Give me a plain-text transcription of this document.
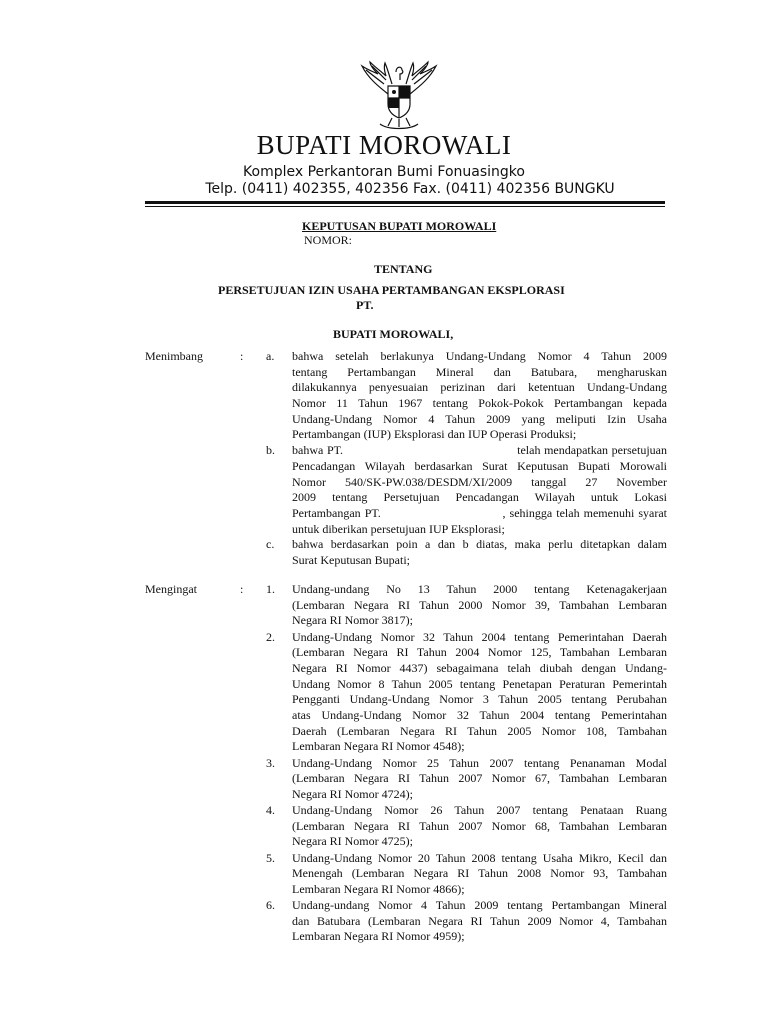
BUPATI MOROWALI
Komplex Perkantoran Bumi Fonuasingko
Telp. (0411) 402355, 402356 Fax. (0411) 402356 BUNGKU
KEPUTUSAN BUPATI MOROWALI
NOMOR:
TENTANG
PERSETUJUAN IZIN USAHA PERTAMBANGAN EKSPLORASI
PT.
BUPATI MOROWALI,
Menimbang	: a. bahwa setelah berlakunya Undang-Undang Nomor 4 Tahun 2009
tentang Pertambangan Mineral dan Batubara, mengharuskan
dilakukannya penyesuaian perizinan dari ketentuan Undang-Undang
Nomor 11 Tahun 1967 tentang Pokok-Pokok Pertambangan kepada
Undang-Undang Nomor 4 Tahun 2009 yang meliputi Izin Usaha
Pertambangan (IUP) Eksplorasi dan IUP Operasi Produksi;
b. bahwa PT.                                                telah mendapatkan persetujuan
Pencadangan Wilayah berdasarkan Surat Keputusan Bupati Morowali
Nomor 540/SK-PW.038/DESDM/XI/2009 tanggal 27 November
2009 tentang Persetujuan Pencadangan Wilayah untuk Lokasi
Pertambangan PT.                              , sehingga telah memenuhi syarat
untuk diberikan persetujuan IUP Eksplorasi;
c. bahwa berdasarkan poin a dan b diatas, maka perlu ditetapkan dalam
Surat Keputusan Bupati;
Mengingat	: 1. Undang-undang No 13 Tahun 2000 tentang Ketenagakerjaan
(Lembaran Negara RI Tahun 2000 Nomor 39, Tambahan Lembaran
Negara RI Nomor 3817);
2. Undang-Undang Nomor 32 Tahun 2004 tentang Pemerintahan Daerah
(Lembaran Negara RI Tahun 2004 Nomor 125, Tambahan Lembaran
Negara RI Nomor 4437) sebagaimana telah diubah dengan Undang-
Undang Nomor 8 Tahun 2005 tentang Penetapan Peraturan Pemerintah
Pengganti Undang-Undang Nomor 3 Tahun 2005 tentang Perubahan
atas Undang-Undang Nomor 32 Tahun 2004 tentang Pemerintahan
Daerah (Lembaran Negara RI Tahun 2005 Nomor 108, Tambahan
Lembaran Negara RI Nomor 4548);
3. Undang-Undang Nomor 25 Tahun 2007 tentang Penanaman Modal
(Lembaran Negara RI Tahun 2007 Nomor 67, Tambahan Lembaran
Negara RI Nomor 4724);
4. Undang-Undang Nomor 26 Tahun 2007 tentang Penataan Ruang
(Lembaran Negara RI Tahun 2007 Nomor 68, Tambahan Lembaran
Negara RI Nomor 4725);
5. Undang-Undang Nomor 20 Tahun 2008 tentang Usaha Mikro, Kecil dan
Menengah (Lembaran Negara RI Tahun 2008 Nomor 93, Tambahan
Lembaran Negara RI Nomor 4866);
6. Undang-undang Nomor 4 Tahun 2009 tentang Pertambangan Mineral
dan Batubara (Lembaran Negara RI Tahun 2009 Nomor 4, Tambahan
Lembaran Negara RI Nomor 4959);
